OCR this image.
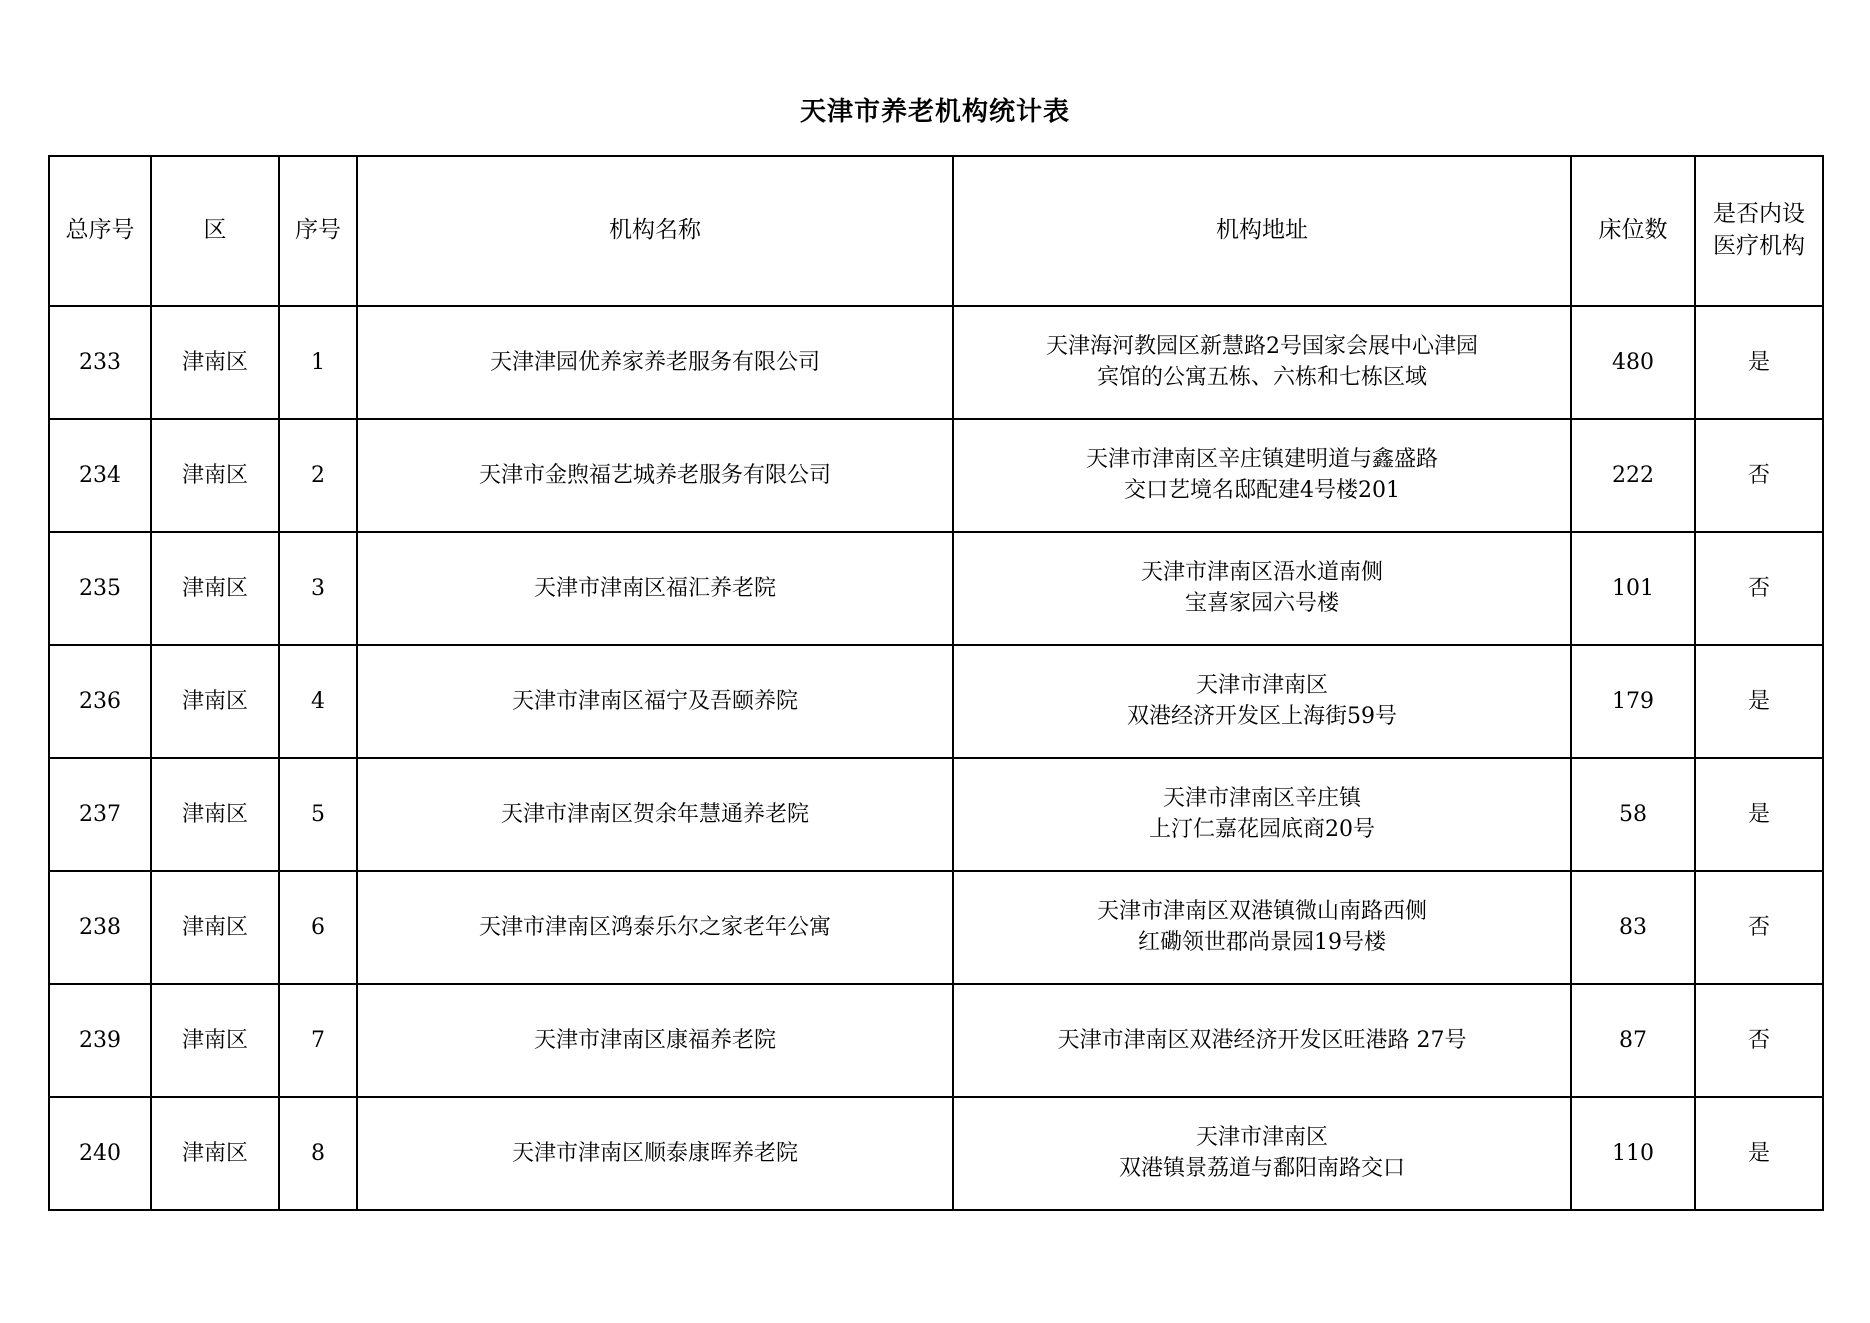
天津市养老机构统计表
总序号	区	序号	机构名称	机构地址	床位数	是否内设医疗机构
233	津南区	1	天津津园优养家养老服务有限公司	天津海河教园区新慧路2号国家会展中心津园
宾馆的公寓五栋、六栋和七栋区域	480	是
234	津南区	2	天津市金煦福艺城养老服务有限公司	天津市津南区辛庄镇建明道与鑫盛路
交口艺境名邸配建4号楼201	222	否
235	津南区	3	天津市津南区福汇养老院	天津市津南区浯水道南侧
宝喜家园六号楼	101	否
236	津南区	4	天津市津南区福宁及吾颐养院	天津市津南区
双港经济开发区上海街59号	179	是
237	津南区	5	天津市津南区贺余年慧通养老院	天津市津南区辛庄镇
上汀仁嘉花园底商20号	58	是
238	津南区	6	天津市津南区鸿泰乐尔之家老年公寓	天津市津南区双港镇微山南路西侧
红磡领世郡尚景园19号楼	83	否
239	津南区	7	天津市津南区康福养老院	天津市津南区双港经济开发区旺港路 27号	87	否
240	津南区	8	天津市津南区顺泰康晖养老院	天津市津南区
双港镇景荔道与鄱阳南路交口	110	是
